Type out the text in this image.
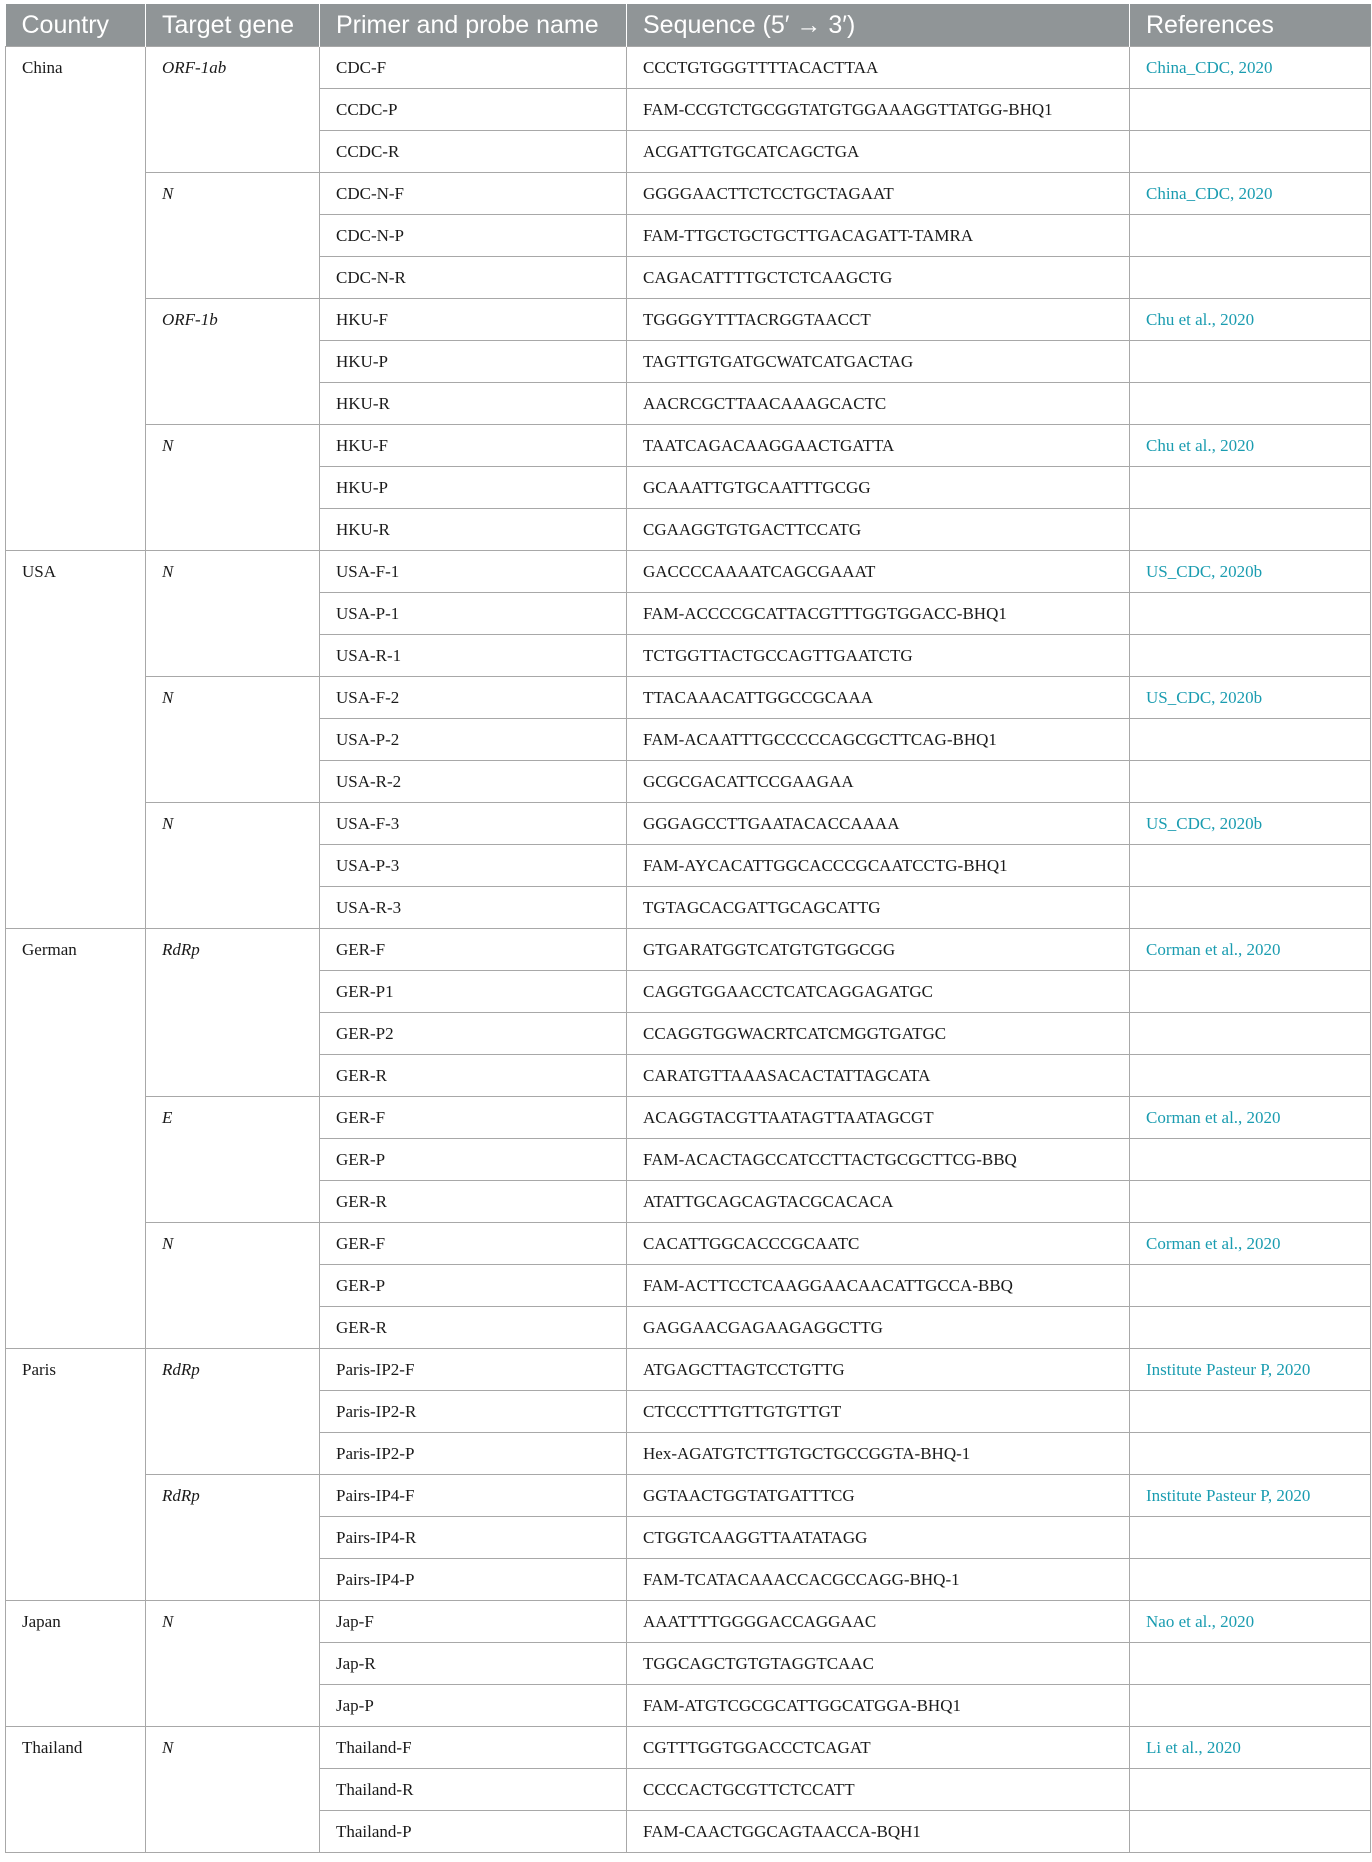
Country	Target gene	Primer and probe name	Sequence (5′ → 3′)	References
China	ORF-1ab	CDC-F	CCCTGTGGGTTTTACACTTAA	China_CDC, 2020
		CCDC-P	FAM-CCGTCTGCGGTATGTGGAAAGGTTATGG-BHQ1	
		CCDC-R	ACGATTGTGCATCAGCTGA	
	N	CDC-N-F	GGGGAACTTCTCCTGCTAGAAT	China_CDC, 2020
		CDC-N-P	FAM-TTGCTGCTGCTTGACAGATT-TAMRA	
		CDC-N-R	CAGACATTTTGCTCTCAAGCTG	
	ORF-1b	HKU-F	TGGGGYTTTACRGGTAACCT	Chu et al., 2020
		HKU-P	TAGTTGTGATGCWATCATGACTAG	
		HKU-R	AACRCGCTTAACAAAGCACTC	
	N	HKU-F	TAATCAGACAAGGAACTGATTA	Chu et al., 2020
		HKU-P	GCAAATTGTGCAATTTGCGG	
		HKU-R	CGAAGGTGTGACTTCCATG	
USA	N	USA-F-1	GACCCCAAAATCAGCGAAAT	US_CDC, 2020b
		USA-P-1	FAM-ACCCCGCATTACGTTTGGTGGACC-BHQ1	
		USA-R-1	TCTGGTTACTGCCAGTTGAATCTG	
	N	USA-F-2	TTACAAACATTGGCCGCAAA	US_CDC, 2020b
		USA-P-2	FAM-ACAATTTGCCCCCAGCGCTTCAG-BHQ1	
		USA-R-2	GCGCGACATTCCGAAGAA	
	N	USA-F-3	GGGAGCCTTGAATACACCAAAA	US_CDC, 2020b
		USA-P-3	FAM-AYCACATTGGCACCCGCAATCCTG-BHQ1	
		USA-R-3	TGTAGCACGATTGCAGCATTG	
German	RdRp	GER-F	GTGARATGGTCATGTGTGGCGG	Corman et al., 2020
		GER-P1	CAGGTGGAACCTCATCAGGAGATGC	
		GER-P2	CCAGGTGGWACRTCATCMGGTGATGC	
		GER-R	CARATGTTAAASACACTATTAGCATA	
	E	GER-F	ACAGGTACGTTAATAGTTAATAGCGT	Corman et al., 2020
		GER-P	FAM-ACACTAGCCATCCTTACTGCGCTTCG-BBQ	
		GER-R	ATATTGCAGCAGTACGCACACA	
	N	GER-F	CACATTGGCACCCGCAATC	Corman et al., 2020
		GER-P	FAM-ACTTCCTCAAGGAACAACATTGCCA-BBQ	
		GER-R	GAGGAACGAGAAGAGGCTTG	
Paris	RdRp	Paris-IP2-F	ATGAGCTTAGTCCTGTTG	Institute Pasteur P, 2020
		Paris-IP2-R	CTCCCTTTGTTGTGTTGT	
		Paris-IP2-P	Hex-AGATGTCTTGTGCTGCCGGTA-BHQ-1	
	RdRp	Pairs-IP4-F	GGTAACTGGTATGATTTCG	Institute Pasteur P, 2020
		Pairs-IP4-R	CTGGTCAAGGTTAATATAGG	
		Pairs-IP4-P	FAM-TCATACAAACCACGCCAGG-BHQ-1	
Japan	N	Jap-F	AAATTTTGGGGACCAGGAAC	Nao et al., 2020
		Jap-R	TGGCAGCTGTGTAGGTCAAC	
		Jap-P	FAM-ATGTCGCGCATTGGCATGGA-BHQ1	
Thailand	N	Thailand-F	CGTTTGGTGGACCCTCAGAT	Li et al., 2020
		Thailand-R	CCCCACTGCGTTCTCCATT	
		Thailand-P	FAM-CAACTGGCAGTAACCA-BQH1	
